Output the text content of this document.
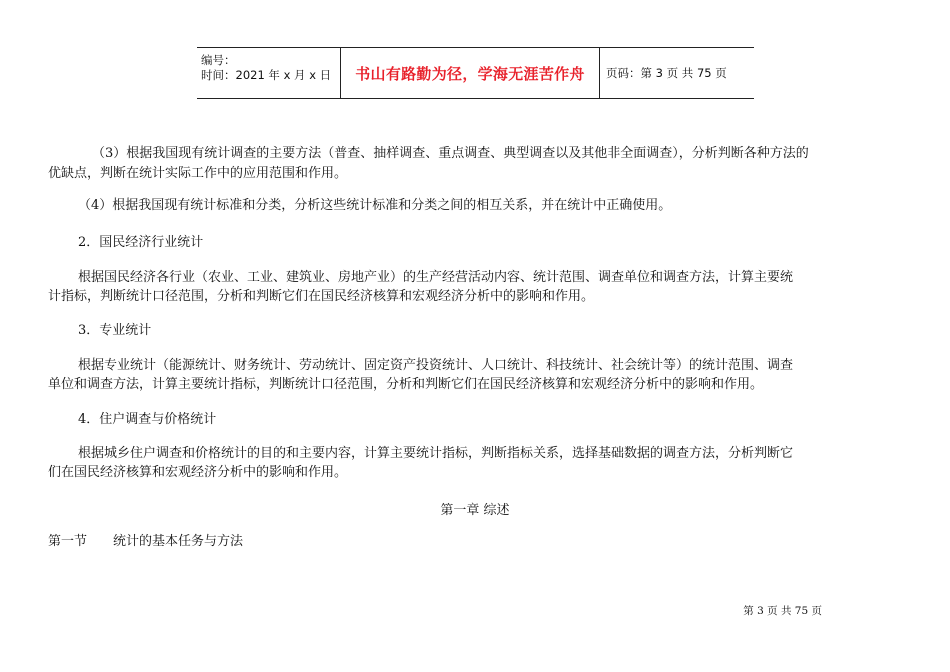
编号：
时间：2021 年 x 月 x 日 书山有路勤为径，学海无涯苦作舟 页码：第 3 页 共 75 页
（3）根据我国现有统计调查的主要方法（普查、抽样调查、重点调查、典型调查以及其他非全面调查），分析判断各种方法的
优缺点，判断在统计实际工作中的应用范围和作用。
（4）根据我国现有统计标准和分类，分析这些统计标准和分类之间的相互关系，并在统计中正确使用。
2．国民经济行业统计
根据国民经济各行业（农业、工业、建筑业、房地产业）的生产经营活动内容、统计范围、调查单位和调查方法，计算主要统
计指标，判断统计口径范围，分析和判断它们在国民经济核算和宏观经济分析中的影响和作用。
3．专业统计
根据专业统计（能源统计、财务统计、劳动统计、固定资产投资统计、人口统计、科技统计、社会统计等）的统计范围、调查
单位和调查方法，计算主要统计指标，判断统计口径范围，分析和判断它们在国民经济核算和宏观经济分析中的影响和作用。
4．住户调查与价格统计
根据城乡住户调查和价格统计的目的和主要内容，计算主要统计指标，判断指标关系，选择基础数据的调查方法，分析判断它
们在国民经济核算和宏观经济分析中的影响和作用。
第一章 综述
第一节 统计的基本任务与方法
第 3 页 共 75 页
